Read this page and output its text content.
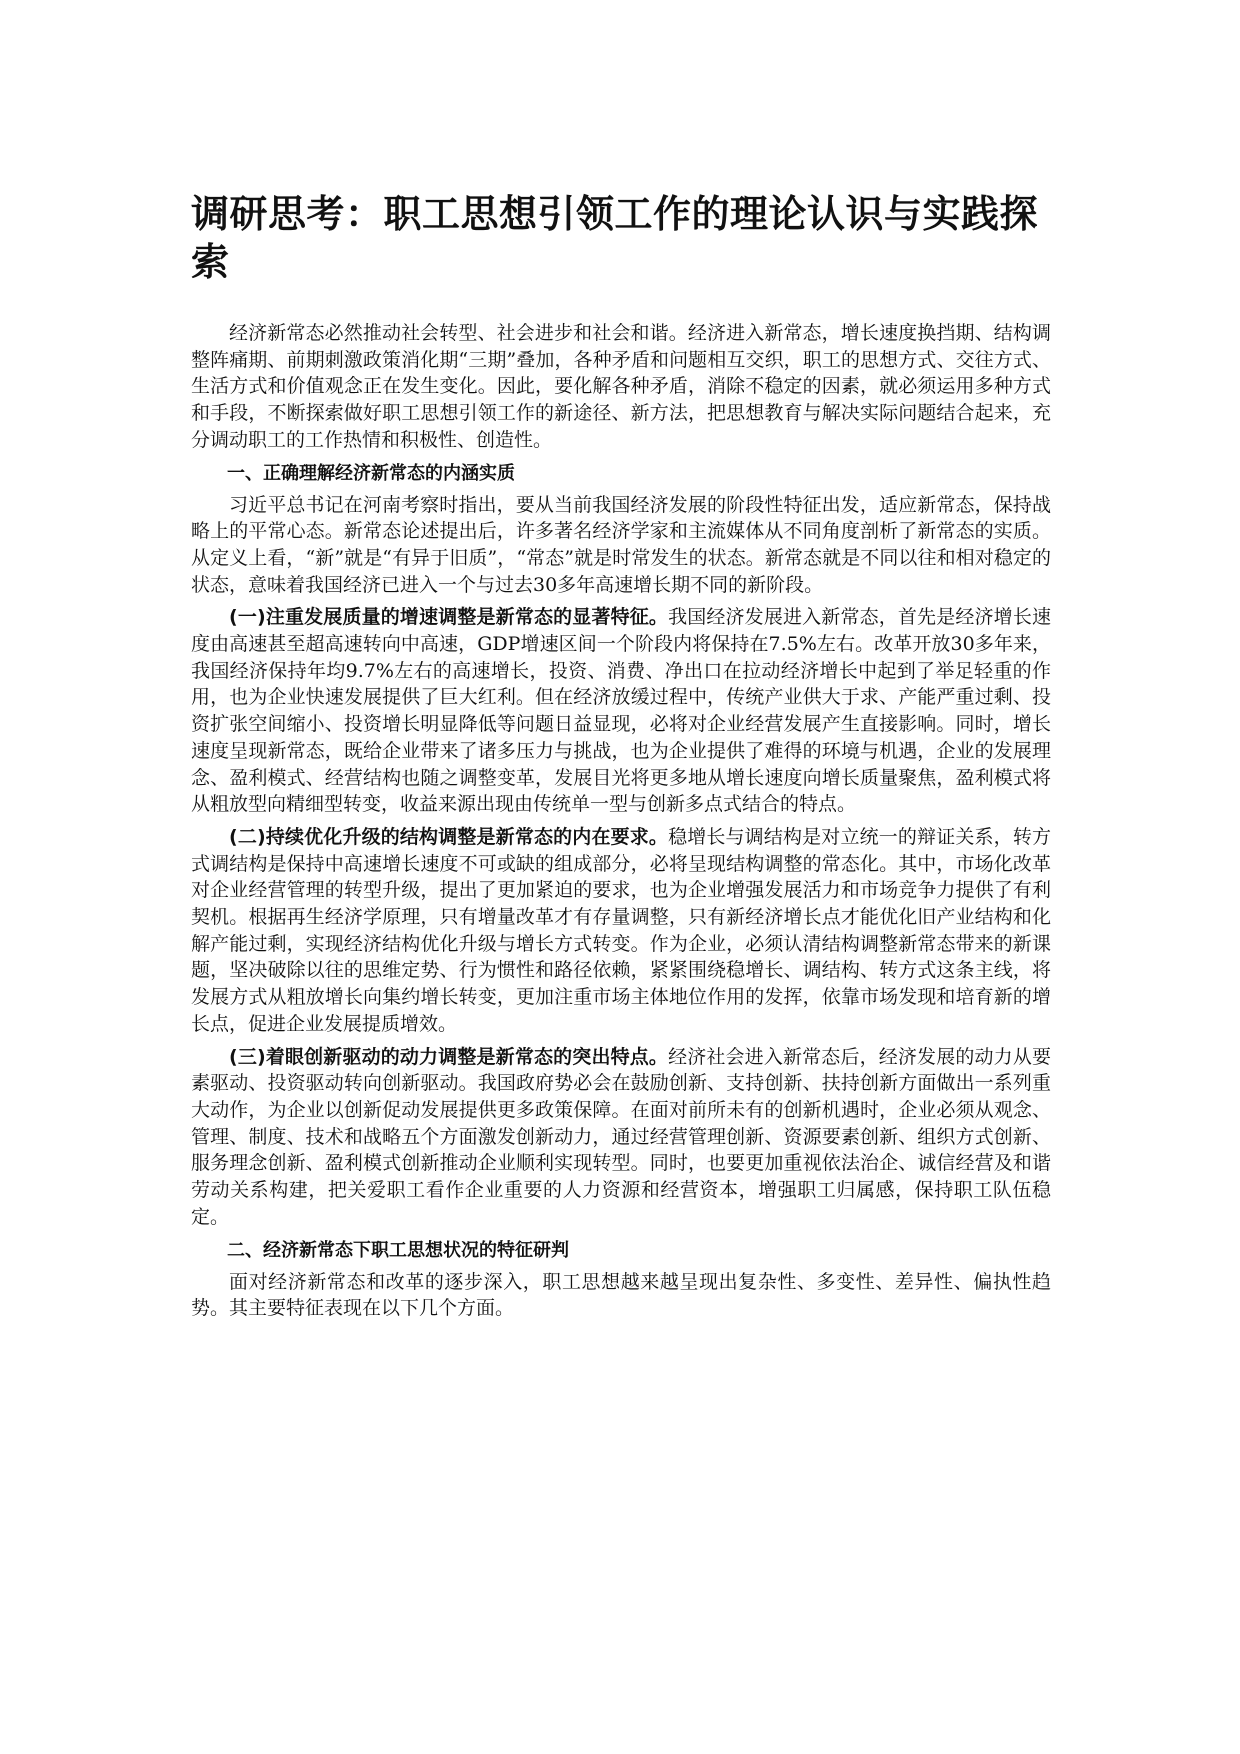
调研思考：职工思想引领工作的理论认识与实践探索

经济新常态必然推动社会转型、社会进步和社会和谐。经济进入新常态，增长速度换挡期、结构调整阵痛期、前期刺激政策消化期“三期”叠加，各种矛盾和问题相互交织，职工的思想方式、交往方式、生活方式和价值观念正在发生变化。因此，要化解各种矛盾，消除不稳定的因素，就必须运用多种方式和手段，不断探索做好职工思想引领工作的新途径、新方法，把思想教育与解决实际问题结合起来，充分调动职工的工作热情和积极性、创造性。

一、正确理解经济新常态的内涵实质

习近平总书记在河南考察时指出，要从当前我国经济发展的阶段性特征出发，适应新常态，保持战略上的平常心态。新常态论述提出后，许多著名经济学家和主流媒体从不同角度剖析了新常态的实质。从定义上看，“新”就是“有异于旧质”，“常态”就是时常发生的状态。新常态就是不同以往和相对稳定的状态，意味着我国经济已进入一个与过去30多年高速增长期不同的新阶段。

(一)注重发展质量的增速调整是新常态的显著特征。我国经济发展进入新常态，首先是经济增长速度由高速甚至超高速转向中高速，GDP增速区间一个阶段内将保持在7.5%左右。改革开放30多年来，我国经济保持年均9.7%左右的高速增长，投资、消费、净出口在拉动经济增长中起到了举足轻重的作用，也为企业快速发展提供了巨大红利。但在经济放缓过程中，传统产业供大于求、产能严重过剩、投资扩张空间缩小、投资增长明显降低等问题日益显现，必将对企业经营发展产生直接影响。同时，增长速度呈现新常态，既给企业带来了诸多压力与挑战，也为企业提供了难得的环境与机遇，企业的发展理念、盈利模式、经营结构也随之调整变革，发展目光将更多地从增长速度向增长质量聚焦，盈利模式将从粗放型向精细型转变，收益来源出现由传统单一型与创新多点式结合的特点。

(二)持续优化升级的结构调整是新常态的内在要求。稳增长与调结构是对立统一的辩证关系，转方式调结构是保持中高速增长速度不可或缺的组成部分，必将呈现结构调整的常态化。其中，市场化改革对企业经营管理的转型升级，提出了更加紧迫的要求，也为企业增强发展活力和市场竞争力提供了有利契机。根据再生经济学原理，只有增量改革才有存量调整，只有新经济增长点才能优化旧产业结构和化解产能过剩，实现经济结构优化升级与增长方式转变。作为企业，必须认清结构调整新常态带来的新课题，坚决破除以往的思维定势、行为惯性和路径依赖，紧紧围绕稳增长、调结构、转方式这条主线，将发展方式从粗放增长向集约增长转变，更加注重市场主体地位作用的发挥，依靠市场发现和培育新的增长点，促进企业发展提质增效。

(三)着眼创新驱动的动力调整是新常态的突出特点。经济社会进入新常态后，经济发展的动力从要素驱动、投资驱动转向创新驱动。我国政府势必会在鼓励创新、支持创新、扶持创新方面做出一系列重大动作，为企业以创新促动发展提供更多政策保障。在面对前所未有的创新机遇时，企业必须从观念、管理、制度、技术和战略五个方面激发创新动力，通过经营管理创新、资源要素创新、组织方式创新、服务理念创新、盈利模式创新推动企业顺利实现转型。同时，也要更加重视依法治企、诚信经营及和谐劳动关系构建，把关爱职工看作企业重要的人力资源和经营资本，增强职工归属感，保持职工队伍稳定。

二、经济新常态下职工思想状况的特征研判

面对经济新常态和改革的逐步深入，职工思想越来越呈现出复杂性、多变性、差异性、偏执性趋势。其主要特征表现在以下几个方面。
